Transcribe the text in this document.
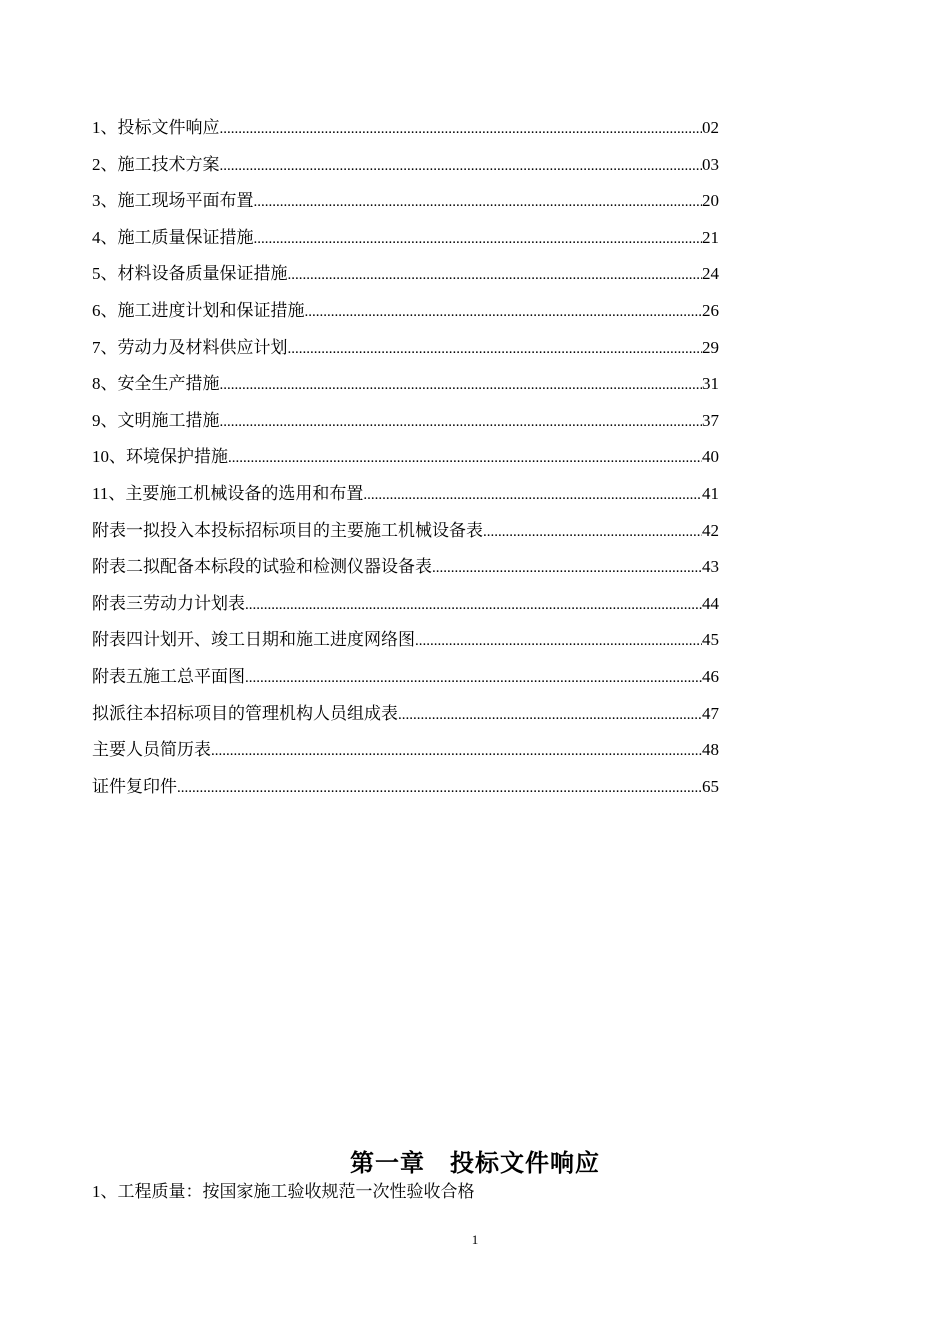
1、投标文件响应 .....	02
2、施工技术方案 .....	03
3、施工现场平面布置 .....	20
4、施工质量保证措施 .....	21
5、材料设备质量保证措施 .....	24
6、施工进度计划和保证措施 .....	26
7、劳动力及材料供应计划 .....	29
8、安全生产措施 .....	31
9、文明施工措施 .....	37
10、环境保护措施 .....	40
11、主要施工机械设备的选用和布置 .....	41
附表一拟投入本投标招标项目的主要施工机械设备表 .....	42
附表二拟配备本标段的试验和检测仪器设备表 .....	43
附表三劳动力计划表 .....	44
附表四计划开、竣工日期和施工进度网络图 .....	45
附表五施工总平面图 .....	46
拟派往本招标项目的管理机构人员组成表 .....	47
主要人员简历表 .....	48
证件复印件 .....	65
第一章　投标文件响应

1、工程质量：按国家施工验收规范一次性验收合格

1
